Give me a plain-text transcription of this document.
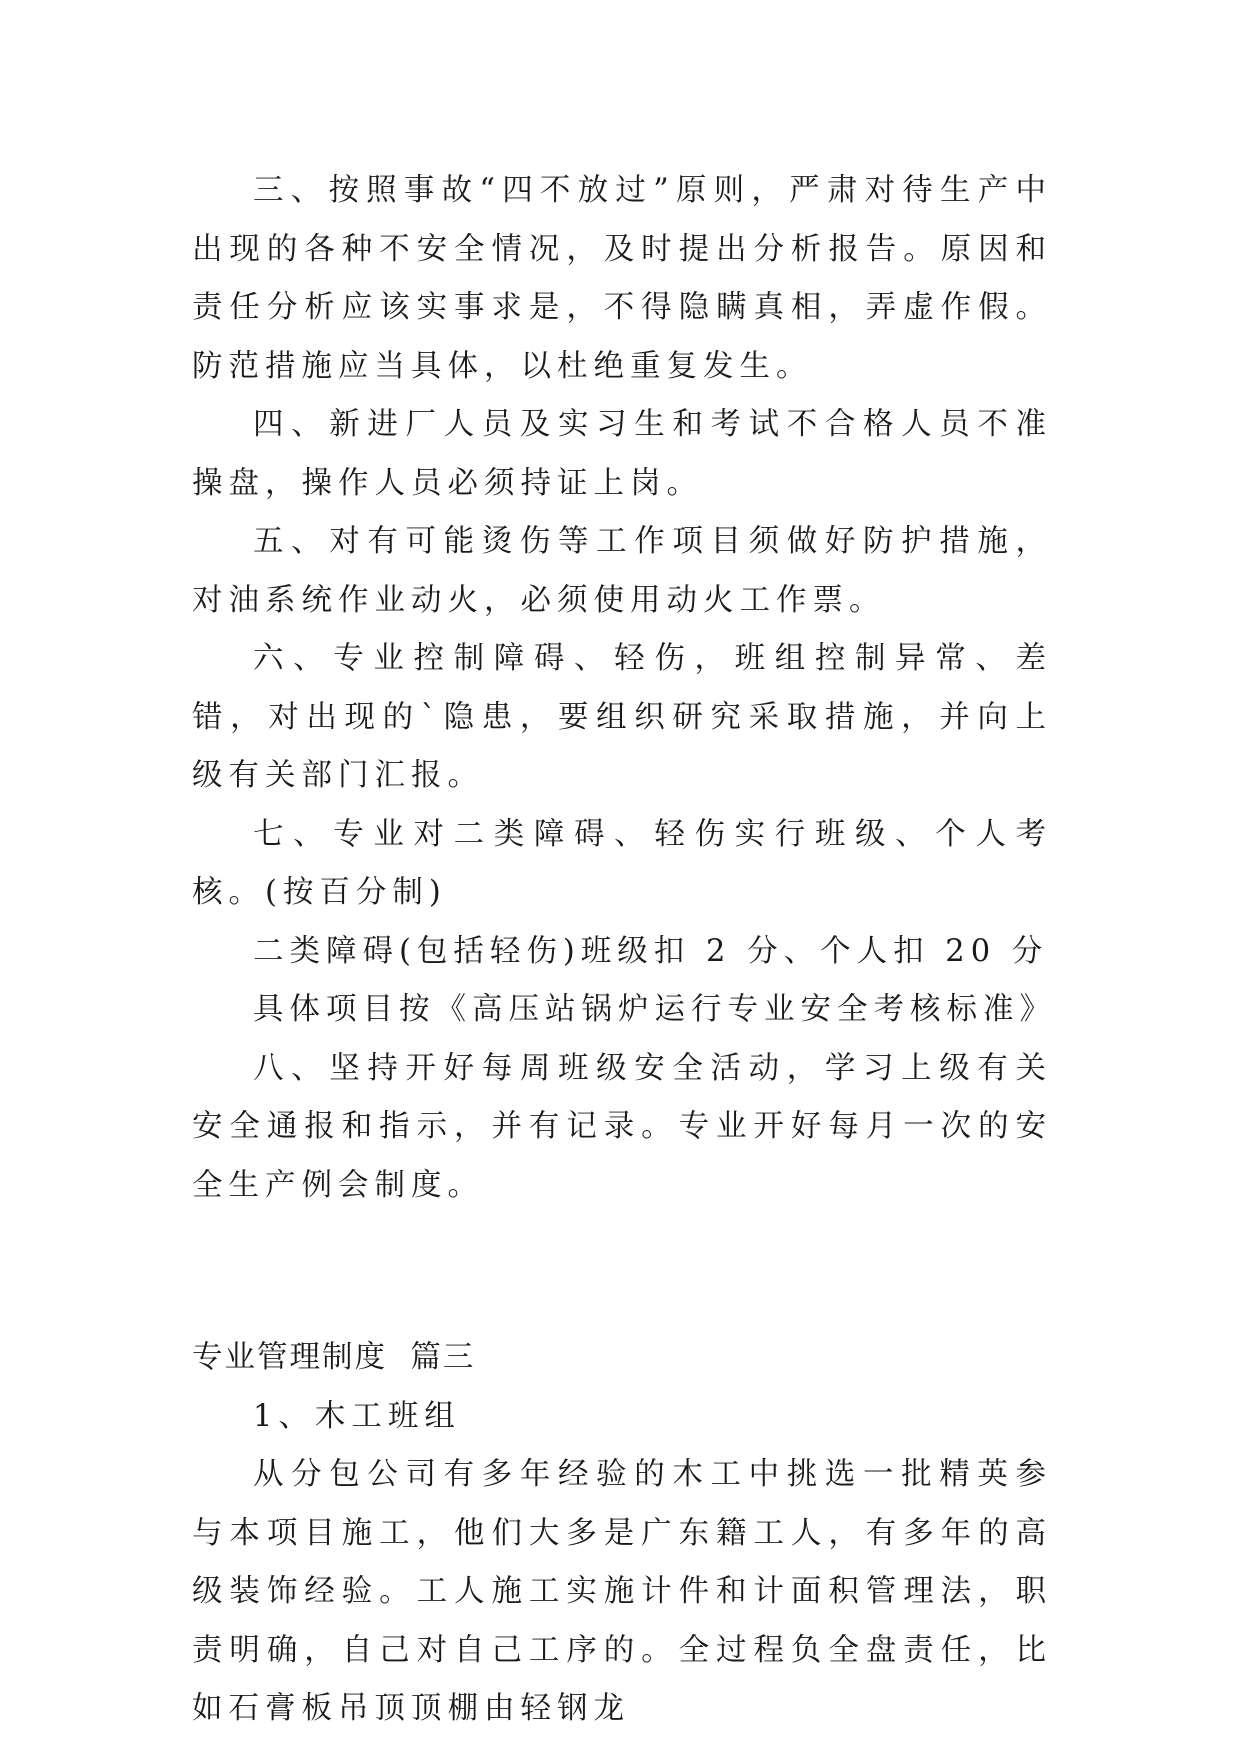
三、按照事故“四不放过”原则，严肃对待生产中出现的各种不安全情况，及时提出分析报告。原因和责任分析应该实事求是，不得隐瞒真相，弄虚作假。防范措施应当具体，以杜绝重复发生。

四、新进厂人员及实习生和考试不合格人员不准操盘，操作人员必须持证上岗。

五、对有可能烫伤等工作项目须做好防护措施，对油系统作业动火，必须使用动火工作票。

六、专业控制障碍、轻伤，班组控制异常、差错，对出现的`隐患，要组织研究采取措施，并向上级有关部门汇报。

七、专业对二类障碍、轻伤实行班级、个人考核。(按百分制)

二类障碍(包括轻伤)班级扣 2 分、个人扣 20 分

具体项目按《高压站锅炉运行专业安全考核标准》

八、坚持开好每周班级安全活动，学习上级有关安全通报和指示，并有记录。专业开好每月一次的安全生产例会制度。

专业管理制度  篇三

1、木工班组

从分包公司有多年经验的木工中挑选一批精英参与本项目施工，他们大多是广东籍工人，有多年的高级装饰经验。工人施工实施计件和计面积管理法，职责明确，自己对自己工序的。全过程负全盘责任，比如石膏板吊顶顶棚由轻钢龙
